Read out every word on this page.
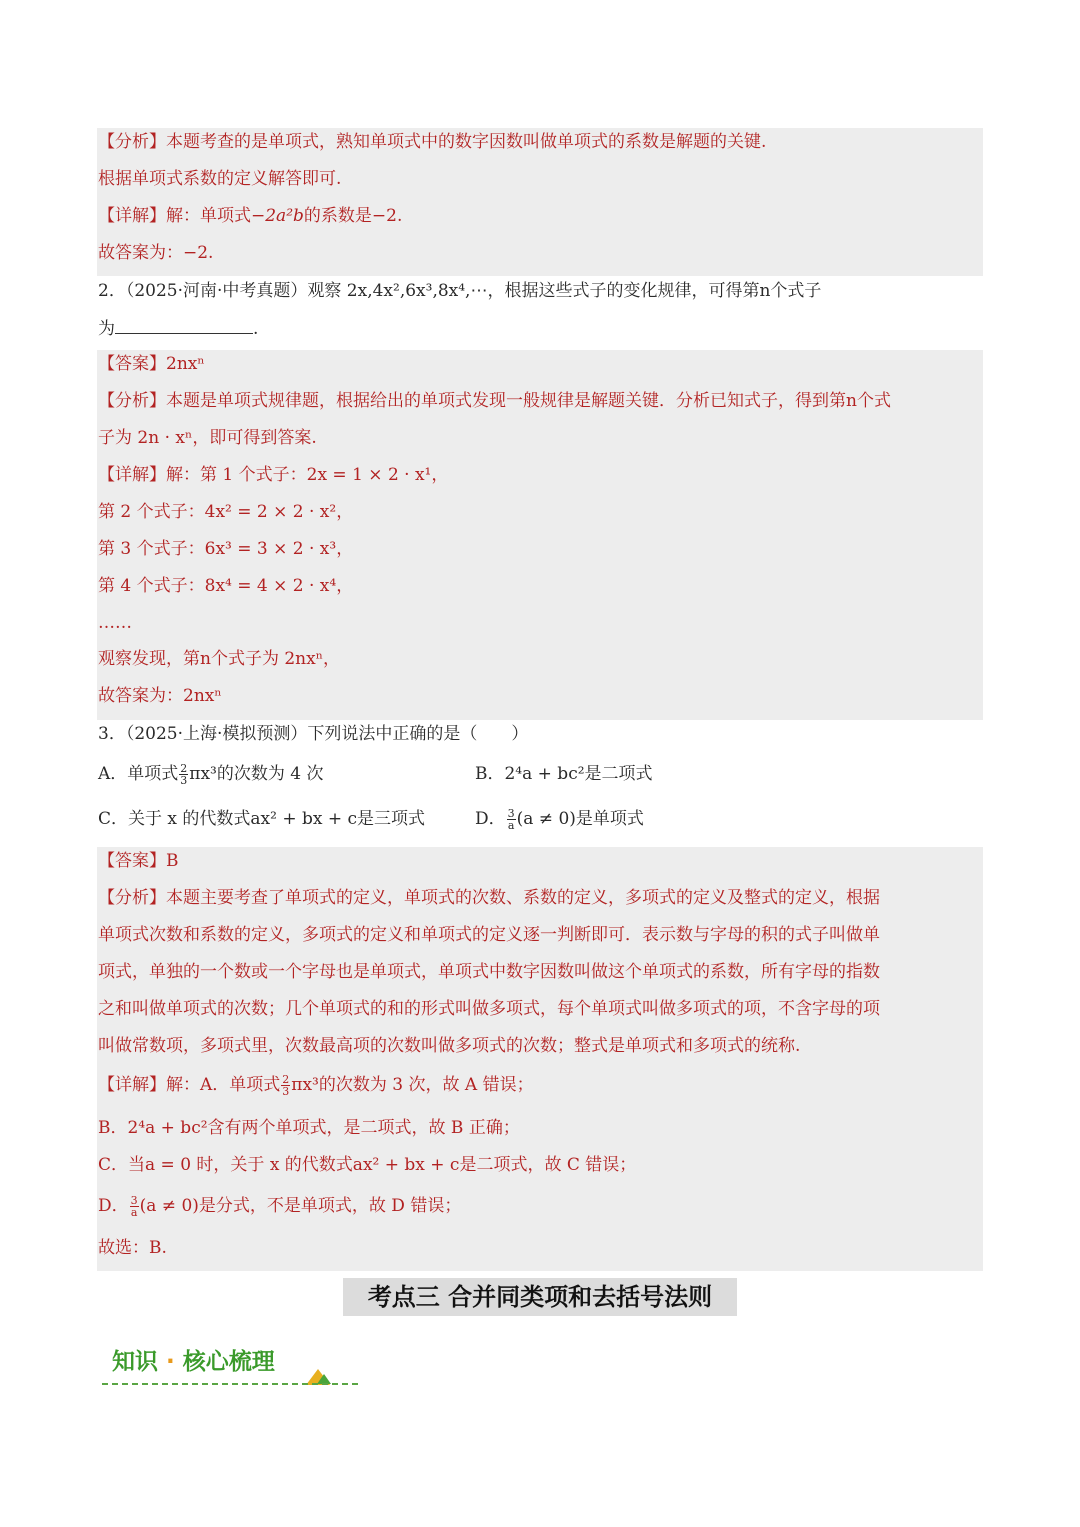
【分析】本题考查的是单项式，熟知单项式中的数字因数叫做单项式的系数是解题的关键.
根据单项式系数的定义解答即可.
【详解】解：单项式−2a²b的系数是−2.
故答案为：−2.
2．（2025·河南·中考真题）观察 2x,4x²,6x³,8x⁴,⋯，根据这些式子的变化规律，可得第n个式子
为	.
【答案】2nxⁿ
【分析】本题是单项式规律题，根据给出的单项式发现一般规律是解题关键．分析已知式子，得到第n个式
子为 2n · xⁿ，即可得到答案.
【详解】解：第 1 个式子：2x = 1 × 2 · x¹，
第 2 个式子：4x² = 2 × 2 · x²，
第 3 个式子：6x³ = 3 × 2 · x³，
第 4 个式子：8x⁴ = 4 × 2 · x⁴，
……
观察发现，第n个式子为 2nxⁿ，
故答案为：2nxⁿ
3．（2025·上海·模拟预测）下列说法中正确的是（　　）
A．单项式 $\frac{2}{3} \pi x^3$的次数为 4 次	B．2⁴a + bc²是二项式
C．关于 x 的代数式ax² + bx + c是三项式	D． $\frac{3}{a} (a \ne 0)$是单项式
【答案】B
【分析】本题主要考查了单项式的定义，单项式的次数、系数的定义，多项式的定义及整式的定义，根据
单项式次数和系数的定义，多项式的定义和单项式的定义逐一判断即可．表示数与字母的积的式子叫做单
项式，单独的一个数或一个字母也是单项式，单项式中数字因数叫做这个单项式的系数，所有字母的指数
之和叫做单项式的次数；几个单项式的和的形式叫做多项式，每个单项式叫做多项式的项，不含字母的项
叫做常数项，多项式里，次数最高项的次数叫做多项式的次数；整式是单项式和多项式的统称.
【详解】解：A．单项式 $\frac{2}{3} \pi x^3$的次数为 3 次，故 A 错误；
B．2⁴a + bc²含有两个单项式，是二项式，故 B 正确；
C．当a = 0 时，关于 x 的代数式ax² + bx + c是二项式，故 C 错误；
D． $\frac{3}{a} (a \ne 0)$是分式，不是单项式，故 D 错误；
故选：B.
考点三 合并同类项和去括号法则
知识 · 核心梳理
